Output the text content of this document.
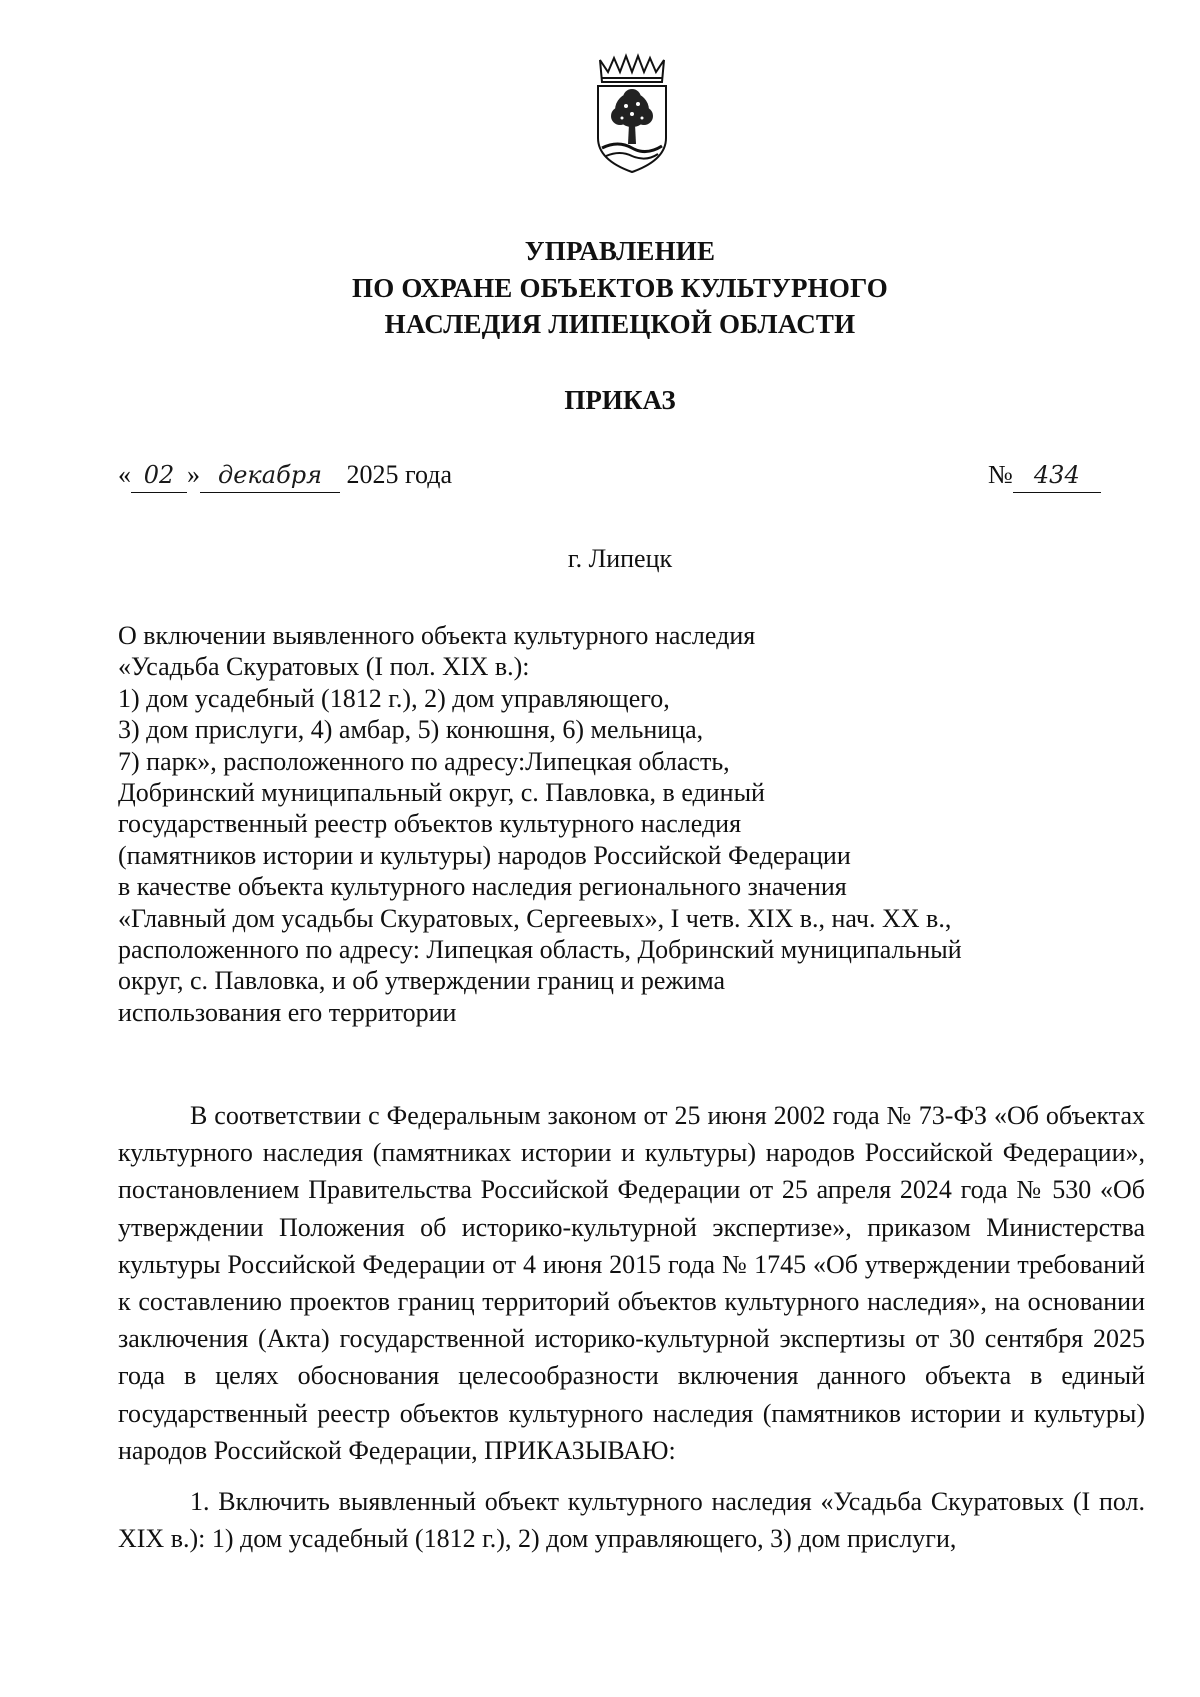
УПРАВЛЕНИЕ
ПО ОХРАНЕ ОБЪЕКТОВ КУЛЬТУРНОГО
НАСЛЕДИЯ ЛИПЕЦКОЙ ОБЛАСТИ
ПРИКАЗ
« 02 » декабря 2025 года	№ 434
г. Липецк
О включении выявленного объекта культурного наследия
«Усадьба Скуратовых (I пол. XIX в.):
1) дом усадебный (1812 г.), 2) дом управляющего,
3) дом прислуги, 4) амбар, 5) конюшня, 6) мельница,
7) парк», расположенного по адресу:Липецкая область,
Добринский муниципальный округ, с. Павловка, в единый
государственный реестр объектов культурного наследия
(памятников истории и культуры) народов Российской Федерации
в качестве объекта культурного наследия регионального значения
«Главный дом усадьбы Скуратовых, Сергеевых», I четв. XIX в., нач. XX в.,
расположенного по адресу: Липецкая область, Добринский муниципальный
округ, с. Павловка, и об утверждении границ и режима
использования его территории

В соответствии с Федеральным законом от 25 июня 2002 года № 73-ФЗ «Об объектах культурного наследия (памятниках истории и культуры) народов Российской Федерации», постановлением Правительства Российской Федерации от 25 апреля 2024 года № 530 «Об утверждении Положения об историко-культурной экспертизе», приказом Министерства культуры Российской Федерации от 4 июня 2015 года № 1745 «Об утверждении требований к составлению проектов границ территорий объектов культурного наследия», на основании заключения (Акта) государственной историко-культурной экспертизы от 30 сентября 2025 года в целях обоснования целесообразности включения данного объекта в единый государственный реестр объектов культурного наследия (памятников истории и культуры) народов Российской Федерации, ПРИКАЗЫВАЮ:

1. Включить выявленный объект культурного наследия «Усадьба Скуратовых (I пол. XIX в.): 1) дом усадебный (1812 г.), 2) дом управляющего, 3) дом прислуги,
